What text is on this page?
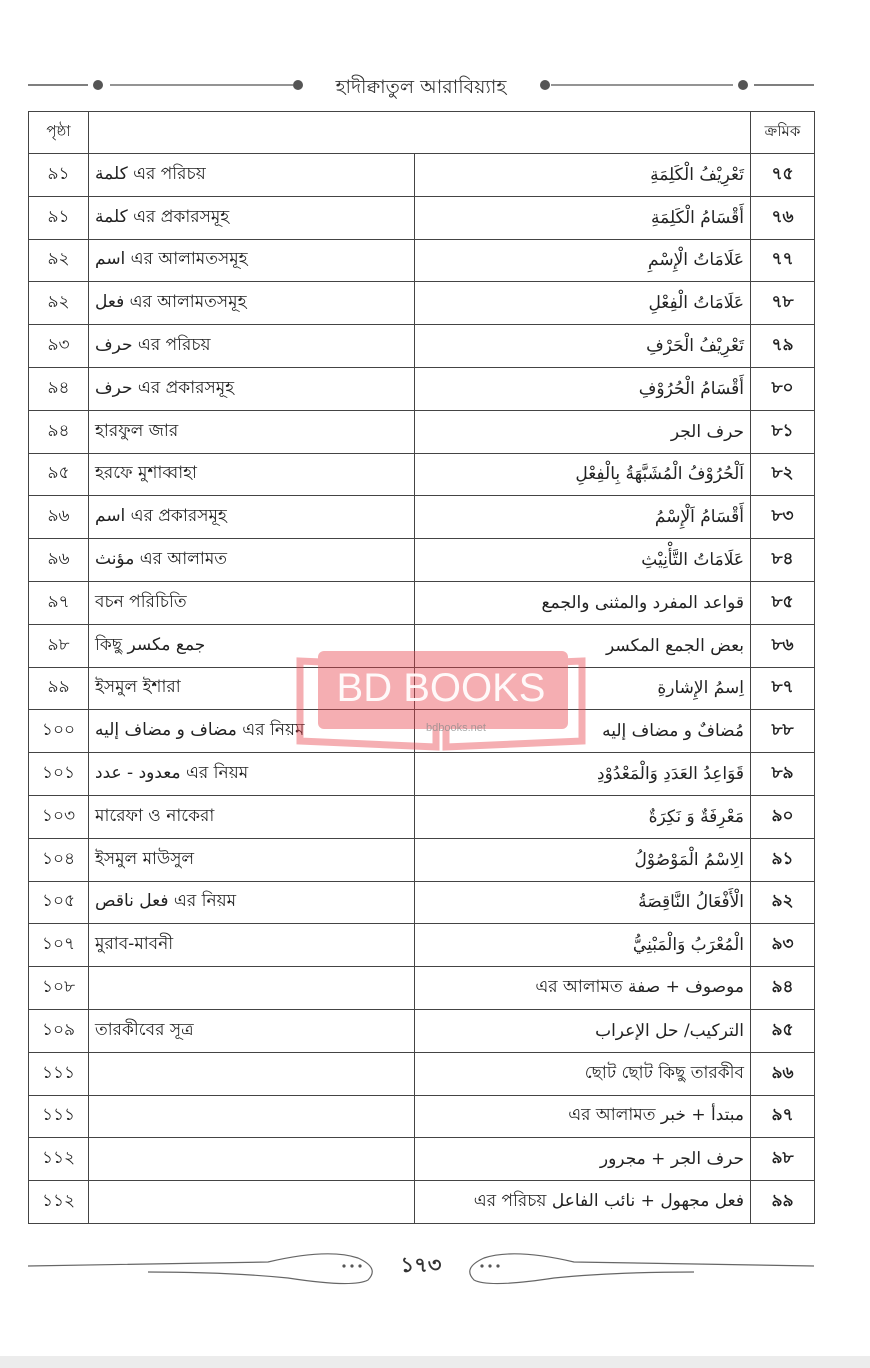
হাদীক্বাতুল আরাবিয়্যাহ
পৃষ্ঠা			ক্রমিক
৯১	كلمة এর পরিচয়	تَعْرِيْفُ الْكَلِمَةِ	৭৫
৯১	كلمة এর প্রকারসমূহ	أَقْسَامُ الْكَلِمَةِ	৭৬
৯২	اسم এর আলামতসমূহ	عَلَامَاتُ الْإِسْمِ	৭৭
৯২	فعل এর আলামতসমূহ	عَلَامَاتُ الْفِعْلِ	৭৮
৯৩	حرف এর পরিচয়	تَعْرِيْفُ الْحَرْفِ	৭৯
৯৪	حرف এর প্রকারসমূহ	أَقْسَامُ الْحُرُوْفِ	৮০
৯৪	হারফুল জার	حرف الجر	৮১
৯৫	হরফে মুশাব্বাহা	اَلْحُرُوْفُ الْمُشَبَّهَةُ بِالْفِعْلِ	৮২
৯৬	اسم এর প্রকারসমূহ	أَقْسَامُ اَلْإِسْمُ	৮৩
৯৬	مؤنث এর আলামত	عَلَامَاتُ التَّأْنِيْثِ	৮৪
৯৭	বচন পরিচিতি	قواعد المفرد والمثنى والجمع	৮৫
৯৮	কিছু جمع مكسر	بعض الجمع المكسر	৮৬
৯৯	ইসমুল ইশারা	اِسمُ الإِشارةِ	৮৭
১০০	مضاف و مضاف إليه এর নিয়ম	مُضافٌ و مضاف إليه	৮৮
১০১	معدود - عدد এর নিয়ম	قَوَاعِدُ العَدَدِ وَالْمَعْدُوْدِ	৮৯
১০৩	মারেফা ও নাকেরা	مَعْرِفَةٌ وَ نَكِرَةٌ	৯০
১০৪	ইসমুল মাউসুল	الِاسْمُ الْمَوْصُوْلُ	৯১
১০৫	فعل ناقص এর নিয়ম	الْأَفْعَالُ النَّاقِصَةُ	৯২
১০৭	মুরাব-মাবনী	الْمُعْرَبُ وَالْمَبْنِيُّ	৯৩
১০৮		موصوف + صفة এর আলামত	৯৪
১০৯	তারকীবের সূত্র	التركيب/ حل الإعراب	৯৫
১১১		ছোট ছোট কিছু তারকীব	৯৬
১১১		مبتدأ + خبر এর আলামত	৯৭
১১২		حرف الجر + مجرور	৯৮
১১২		فعل مجهول + نائب الفاعل এর পরিচয়	৯৯
BD BOOKS
bdbooks.net
১৭৩
